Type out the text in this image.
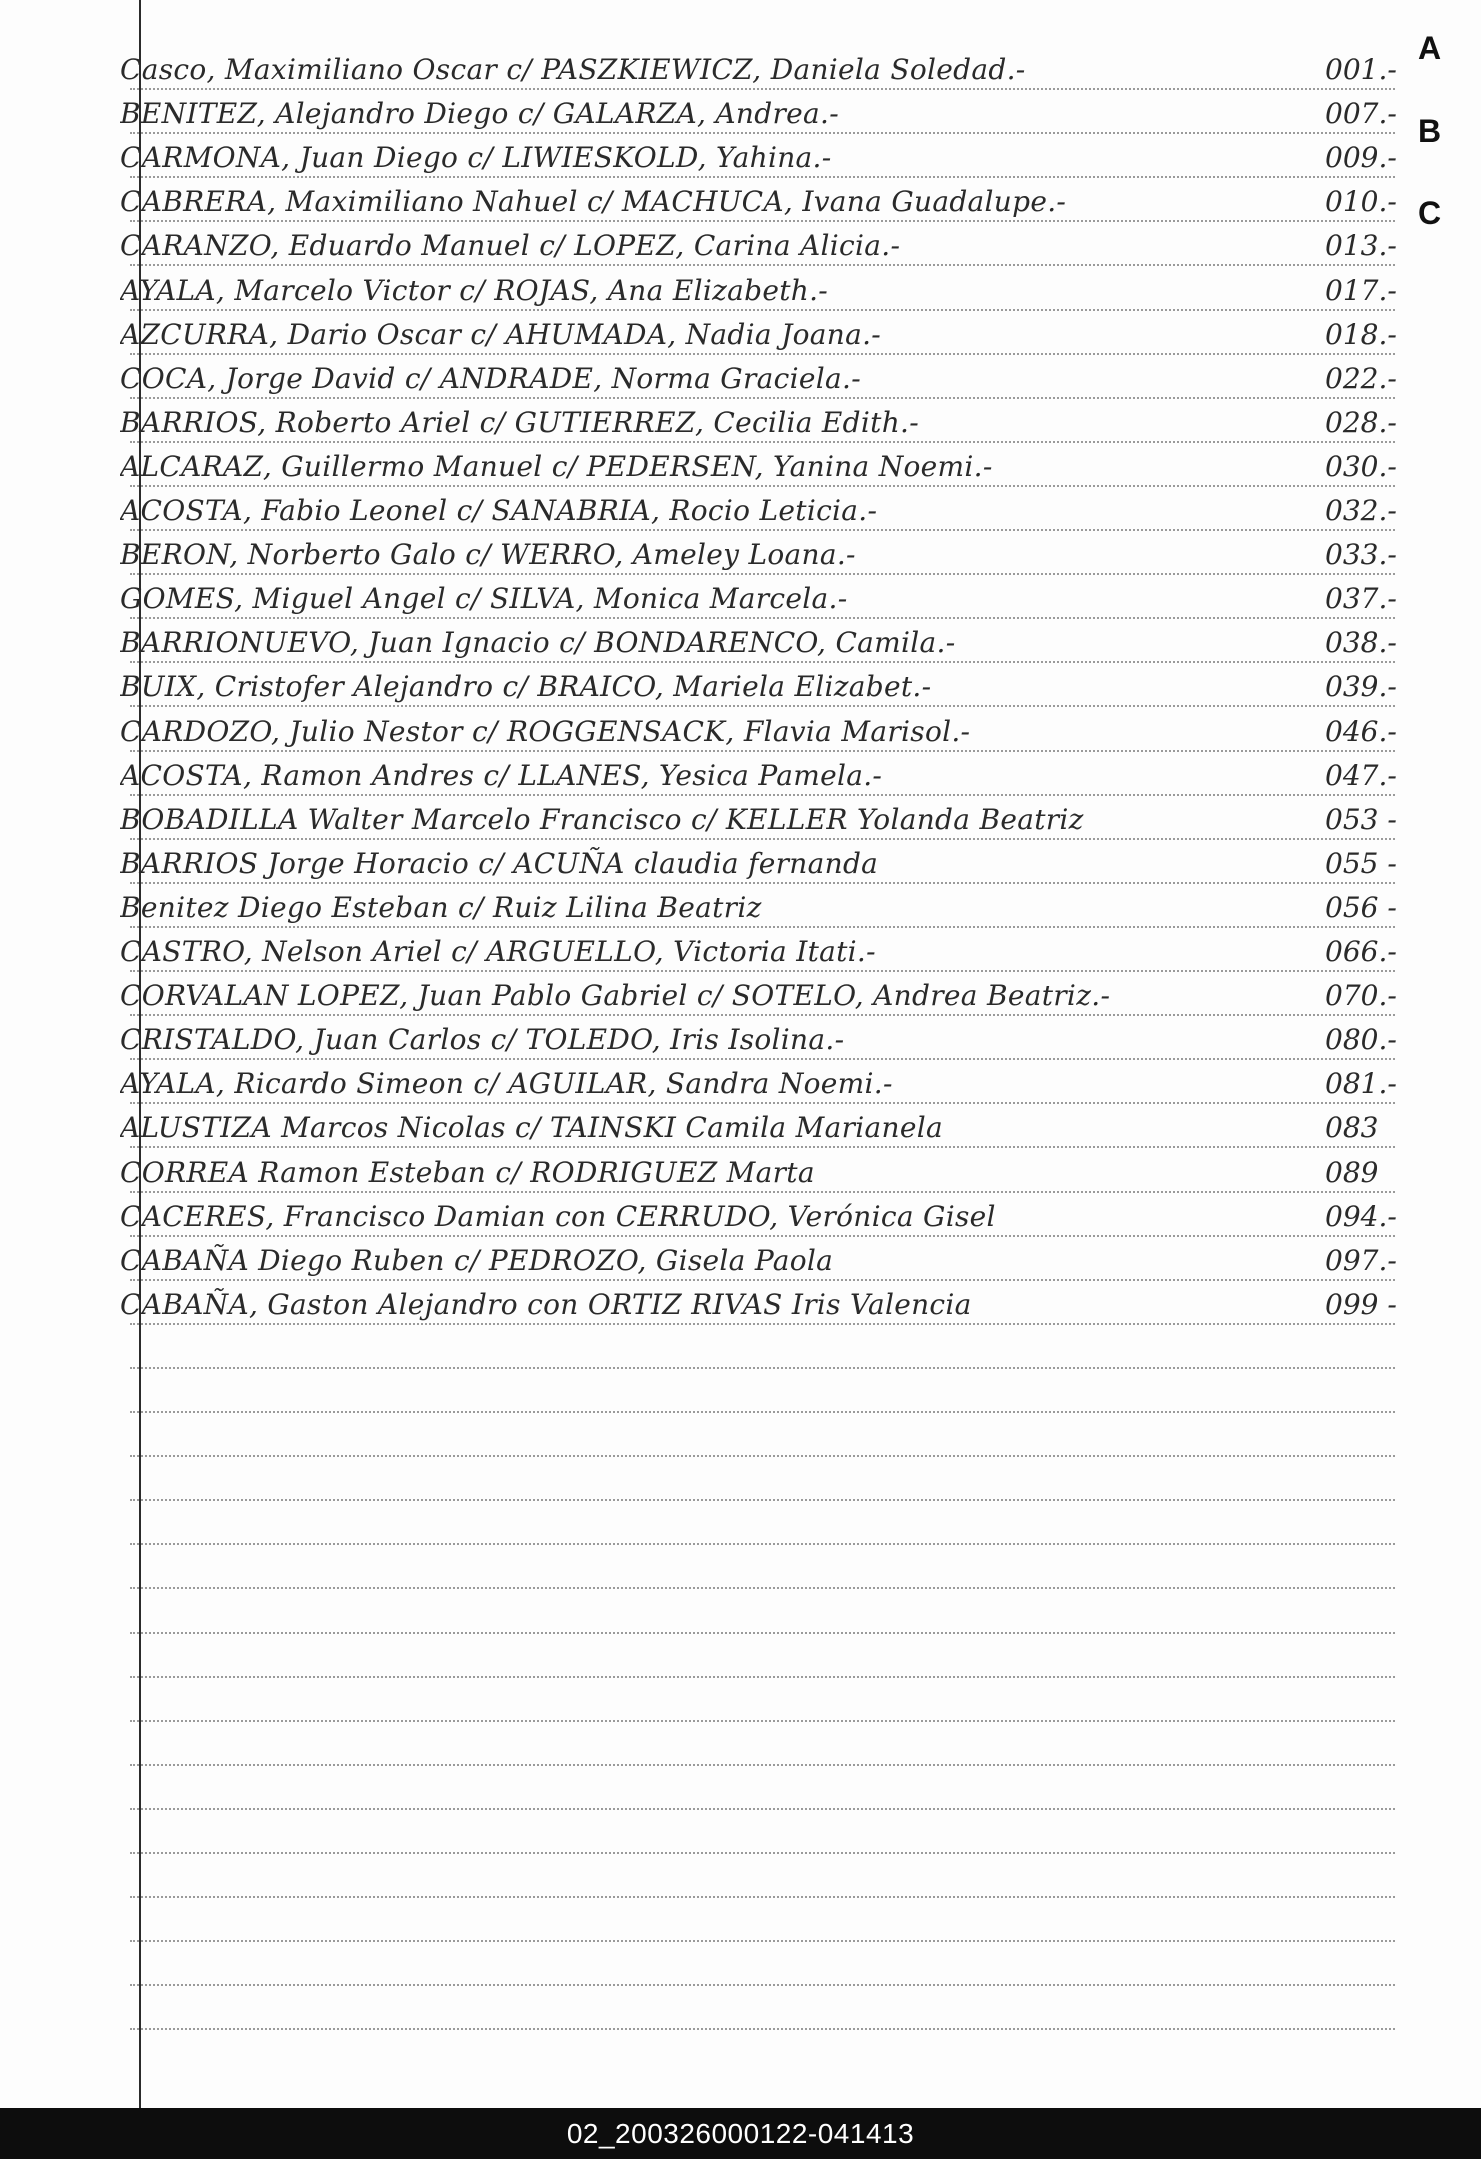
Casco, Maximiliano Oscar c/ PASZKIEWICZ, Daniela Soledad.-	001.-
BENITEZ, Alejandro Diego c/ GALARZA, Andrea.-	007.-
CARMONA, Juan Diego c/ LIWIESKOLD, Yahina.-	009.-
CABRERA, Maximiliano Nahuel c/ MACHUCA, Ivana Guadalupe.-	010.-
CARANZO, Eduardo Manuel c/ LOPEZ, Carina Alicia.-	013.-
AYALA, Marcelo Victor c/ ROJAS, Ana Elizabeth.-	017.-
AZCURRA, Dario Oscar c/ AHUMADA, Nadia Joana.-	018.-
COCA, Jorge David c/ ANDRADE, Norma Graciela.-	022.-
BARRIOS, Roberto Ariel c/ GUTIERREZ, Cecilia Edith.-	028.-
ALCARAZ, Guillermo Manuel c/ PEDERSEN, Yanina Noemi.-	030.-
ACOSTA, Fabio Leonel c/ SANABRIA, Rocio Leticia.-	032.-
BERON, Norberto Galo c/ WERRO, Ameley Loana.-	033.-
GOMES, Miguel Angel c/ SILVA, Monica Marcela.-	037.-
BARRIONUEVO, Juan Ignacio c/ BONDARENCO, Camila.-	038.-
BUIX, Cristofer Alejandro c/ BRAICO, Mariela Elizabet.-	039.-
CARDOZO, Julio Nestor c/ ROGGENSACK, Flavia Marisol.-	046.-
ACOSTA, Ramon Andres c/ LLANES, Yesica Pamela.-	047.-
BOBADILLA Walter Marcelo Francisco c/ KELLER Yolanda Beatriz	053 -
BARRIOS Jorge Horacio c/ ACUÑA claudia fernanda	055 -
Benitez Diego Esteban c/ Ruiz Lilina Beatriz	056 -
CASTRO, Nelson Ariel c/ ARGUELLO, Victoria Itati.-	066.-
CORVALAN LOPEZ, Juan Pablo Gabriel c/ SOTELO, Andrea Beatriz.-	070.-
CRISTALDO, Juan Carlos c/ TOLEDO, Iris Isolina.-	080.-
AYALA, Ricardo Simeon c/ AGUILAR, Sandra Noemi.-	081.-
ALUSTIZA Marcos Nicolas c/ TAINSKI Camila Marianela	083
CORREA Ramon Esteban c/ RODRIGUEZ Marta	089
CACERES, Francisco Damian con CERRUDO, Verónica Gisel	094.-
CABAÑA Diego Ruben c/ PEDROZO, Gisela Paola	097.-
CABAÑA, Gaston Alejandro con ORTIZ RIVAS Iris Valencia	099 -
A
B
C
02_200326000122-041413
